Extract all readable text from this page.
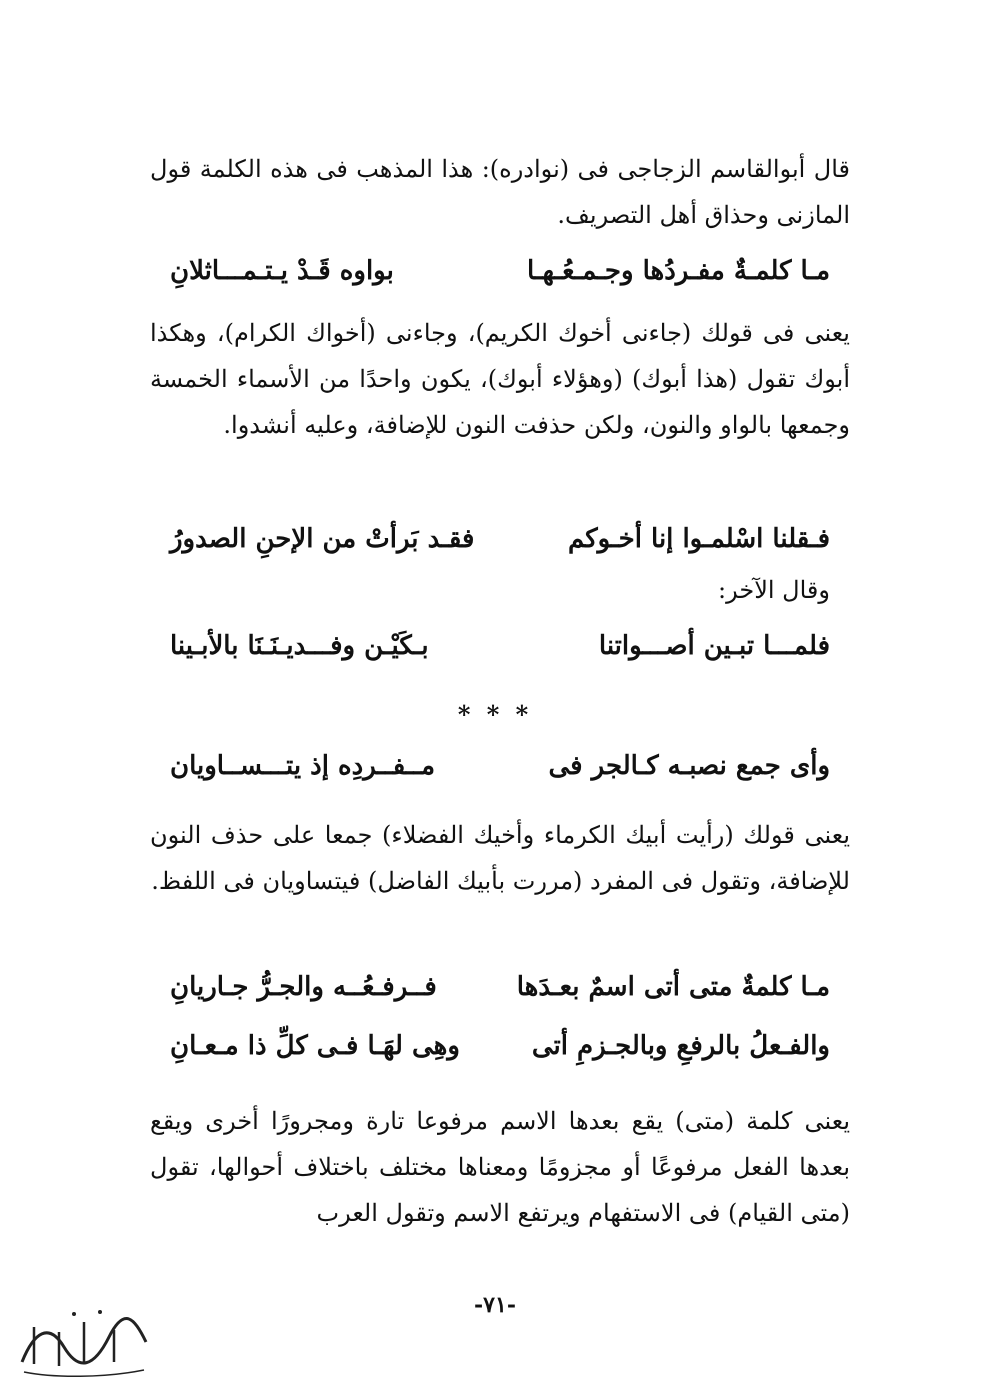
قال أبوالقاسم الزجاجى فى (نوادره): هذا المذهب فى هذه الكلمة قول المازنى وحذاق أهل التصريف.
مـا كلمـةٌ مفـردُها وجـمـعُـهـا
بواوه قَـدْ يـتـمـــاثلانِ
يعنى فى قولك (جاءنى أخوك الكريم)، وجاءنى (أخواك الكرام)، وهكذا أبوك تقول (هذا أبوك) (وهؤلاء أبوك)، يكون واحدًا من الأسماء الخمسة وجمعها بالواو والنون، ولكن حذفت النون للإضافة، وعليه أنشدوا.
فـقلنا اسْلمـوا إنا أخـوكم
فقـد بَرأتْ من الإحنِ الصدورُ
وقال الآخر:
فلمـــا تبـين أصـــواتنا
بـكَيْـن وفـــديـنَـنَا بالأبـينا
* * *
وأى جمع نصبـه كـالجر فى
مــفــردِه إذ يتـــســاويان
يعنى قولك (رأيت أبيك الكرماء وأخيك الفضلاء) جمعا على حذف النون للإضافة، وتقول فى المفرد (مررت بأبيك الفاضل) فيتساويان فى اللفظ.
مـا كلمةٌ متى أتى اسمٌ بعـدَها
فــرفـعُــه والجـرُّ جـاريانِ
والفـعلُ بالرفعِ وبالجـزمِ أتى
وهِى لهَـا فـى كلِّ ذا مـعـانِ
يعنى كلمة (متى) يقع بعدها الاسم مرفوعا تارة ومجرورًا أخرى ويقع بعدها الفعل مرفوعًا أو مجزومًا ومعناها مختلف باختلاف أحوالها، تقول (متى القيام) فى الاستفهام ويرتفع الاسم وتقول العرب
-٧١-
